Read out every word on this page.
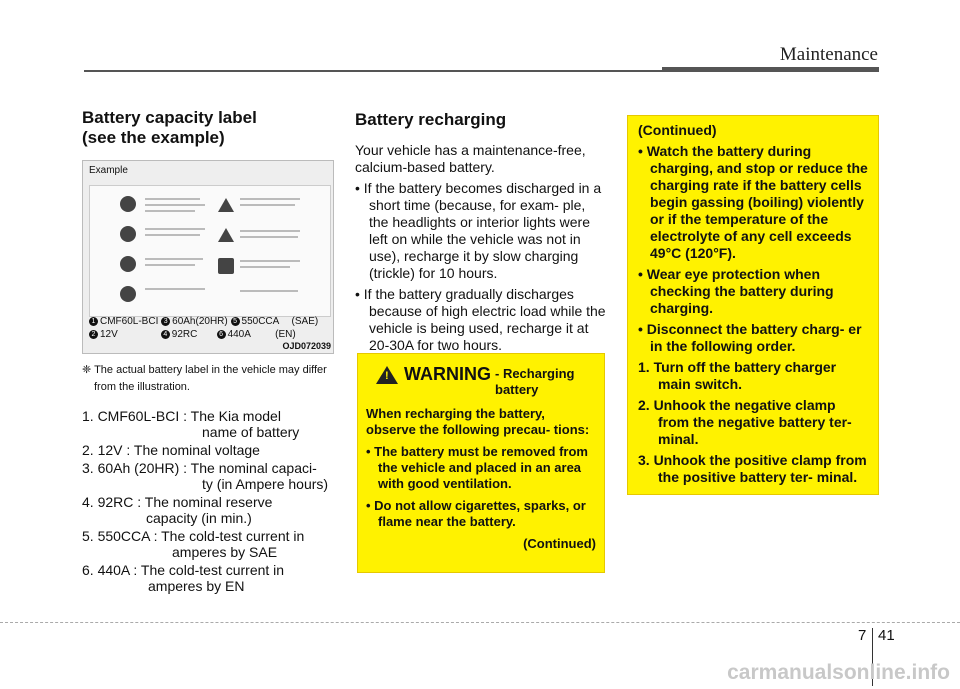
Maintenance
Battery capacity label
(see the example)
Example
1 CMF60L-BCI 3 60Ah(20HR) 5 550CCA (SAE)
2 12V	4 92RC	6 440A (EN)
OJD072039
❈ The actual battery label in the vehicle may differ from the illustration.
1. CMF60L-BCI : The Kia model
name of battery
2. 12V : The nominal voltage
3. 60Ah (20HR) : The nominal capaci-
ty (in Ampere hours)
4. 92RC : The nominal reserve
capacity (in min.)
5. 550CCA : The cold-test current in
amperes by SAE
6. 440A : The cold-test current in
amperes by EN
Battery recharging
Your vehicle has a maintenance-free, calcium-based battery.
• If the battery becomes discharged in a short time (because, for exam- ple, the headlights or interior lights were left on while the vehicle was not in use), recharge it by slow charging (trickle) for 10 hours.
• If the battery gradually discharges because of high electric load while the vehicle is being used, recharge it at 20-30A for two hours.
! WARNING - Recharging battery
When recharging the battery, observe the following precau- tions:
• The battery must be removed from the vehicle and placed in an area with good ventilation.
• Do not allow cigarettes, sparks, or flame near the battery.
(Continued)
(Continued)
• Watch the battery during charging, and stop or reduce the charging rate if the battery cells begin gassing (boiling) violently or if the temperature of the electrolyte of any cell exceeds 49°C (120°F).
• Wear eye protection when checking the battery during charging.
• Disconnect the battery charg- er in the following order.
1. Turn off the battery charger main switch.
2. Unhook the negative clamp from the negative battery ter- minal.
3. Unhook the positive clamp from the positive battery ter- minal.
7 41
carmanualsonline.info
